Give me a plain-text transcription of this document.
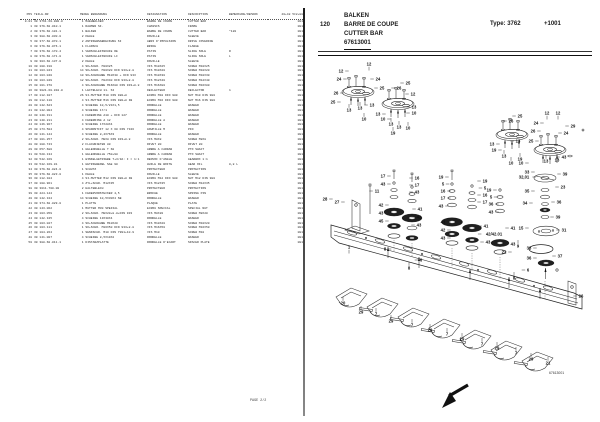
POS	TEILE-NR	MENGE BENENNUNG	DESIGNATION	DESCRIPTION	BEMERKUNG/REMARK	40+48 5C2+88
0.01	30 3761.60.000.0	1 MAEHBALKEN	BARRE DE COUPE	CUTTER BAR		081
1	30 379.60.010.1	1 RAHMEN SI.	CHASSIS	FRAME		081
2	30 379.60.101.1	1 BALKEN	BARRE DE COUPE	CUTTER BAR	*120	081
3	30 388.60.030.0	2 KEHLE	DOUILLE	SLEEVE		081
5	30 377.60.070.1	2 ANTRIEBSABDECKUNG SI	ABRI D'IMPULSION	DRIVE COVERING		081
6	30 379.60.076.1	1 FLANSCH	BRIDE	FLANGE		081
7	30 379.60.170.4	1 VERSCHLEISSKUFE RE	PATIN	SLIDE SOLE	R	081
8	30 379.60.171.0	1 VERSCHLEISSKUFE LI	PATIN	SLIDE SOLE	L	081
9	30 303.60.137.0	2 KEHLE	DOUILLE	SLEEVE		081
10	30 100.310	4 SK+SCHR. M10X25	VIS M10X25	SCREW M10X25		081
11	30 103.043	14 SK+SCHR. M10X20 DIN 933+8.8	VIS M10X20	SCREW M10X20		081
12	30 103.040	10 SK+SCHRAUBE M10X30 + DIN 933	VIS M10X30	SCREW M10X30		081
13	30 103.049	12 SK+SCHR. M12X40 DIN 933+8.8	VIS M12X40	SCREW M12X40		081
15	30 101.370	4 SK+SCHRAUBE M16X80 DIN 933+8.8	VIS M16X80	SCREW M16X80		081
16	30 3021.60.010.0	1 LEITBLECH 11. SI	DEFLECTEUR	DEFLECTOR	1	081
17	30 112.107	26 SI-MUTTER M10 DIN 980+8	ECROU M10 DIN 980	NUT M10 DIN 980		081
19	30 112.110	4 SI-MUTTER M16 DIN 980+8 IB	ECROU M16 DIN 980	NUT M16 DIN 980		081
20	30 142.623	4 SCHEIBE 10,5/21X1,5	RONDELLE	WASHER		081
21	30 142.004	4 SCHEIBE 17/1	RONDELLE	WASHER		081
22	30 140.311	4 FEDERRING A10 + DIN 127	RONDELLE	WASHER		081
23	30 140.211	4 FEDERRING A 12	RONDELLE A	WASHER		081
24	30 146.967	4 SCHEIBE 17X28X4	RONDELLE	WASHER		081
25	30 173.504	4 SPANNSTIFT 12 X 60 DIN 7346	GOUPILLE M	PIN		081
26	30 141.144	4 SCHEIBE 8,4X76X3	RONDELLE	WASHER		081
27	30 101.257	2 SK+SCHR. M8X8 DIN 933+8.8	VIS M8X8	SCREW M8X8		081
28	30 180.743	2 FLACHNIETEN 80	RIVET 80	RIVET 80		081
29	30 657.680	1 GELENKWELLE T 60	ARBRE A CARDAN	PTO SHAFT		081
31	30 520.134	1 GELENKWELLE 750+98	ARBRE A CARDAN	PTO SHAFT		081
32	30 542.169	1 WINKELGETRIEBE T+3/3A: I = 1:1	RENVOI D'ANGLE	GEARBOX 1:1		081
33	30 542.169.01	1 GETRIEBEOEL SAE 90	HUILE DE BOITE	GEAR OIL	0,8 L	081
34	30 379.60.024.0	1 SCHUTZ	PROTECTEUR	PROTECTION		081
35	30 379.60.023.0	1 KEHLE	DOUILLE	SLEEVE		081
36	30 112.104	4 SI-MUTTER M12 DIN 980+8 IB	ECROU M12 DIN 980	NUT M12 DIN 980		081
37	30 108.961	4 ZYL+SCHR. M12X35	VIS M12X35	SCREW M12X35		081
38	30 3011.700.00	2 HALTEBLECH	PROTECTEUR	PROTECTION		081
39	30 424.144	1 FEDERVORSTECKER 4,5	BROCHE	SPRING PIN		081
40	30 142.344	14 SCHEIBE 10,5X30X4 SB	RONDELLE	WASHER		081
41	30 374.60.029.0	1 PLATTE	PLAQUE	PLATE		081
42	30 143.062	1 MUTTER M30 SPEZIAL	ECROU SPECIAL	SPECIAL NUT		081
43	30 103.059	2 SK+SCHR. M8X20+8.8+DIN 933	VIS M8X20	SCREW M8X20		081
44	30 142.345	4 SCHEIBE 13X30X4	RONDELLE	WASHER		081
45	30 103.027	4 SK+SCHRAUBE M10X20	VIS M10X20	SCREW M10X20		081
46	30 103.111	1 SK+SCHR. M16X50 DIN 933+8.8	VIS M16X50	SCREW M16X50		081
47	30 104.264	1 SENKSCHR. M10 DIN 7991+10.9	VIS M10	SCREW M10		081
48	30 141.007	4 SCHEIBE 8,5X19X2	RONDELLE	WASHER		081
50	30 388.60.011.1	1 DISTANZPLATTE	RONDELLE D'ECART	SPACER PLATE		081
PAGE 2/2
120
BALKEN
BARRE DE COUPE
CUTTER BAR
67613001
Type: 3762	+1001
67613001
12
24
12
24
25
26
25
13 13
13
10
25
26
12
13
10
13
10
13
13 10
19
25
26
13
13
19
13
10
19
12 12
24
26
29
24
25
43
13 13
10
17	16
43	17
11	43
42
41
43
42
45
43
19
5
16
17
43
19
5
16
17
41
42
43
41
42/42.01
43
19
5
36
43
41
43
33
32,01
39
23
35
36
34
39
31
15
33
36	37
28
27
1	8
6
8
9
22
6
8
26
20
29	7
29
7
29
7
29
7
29
7
29
21
